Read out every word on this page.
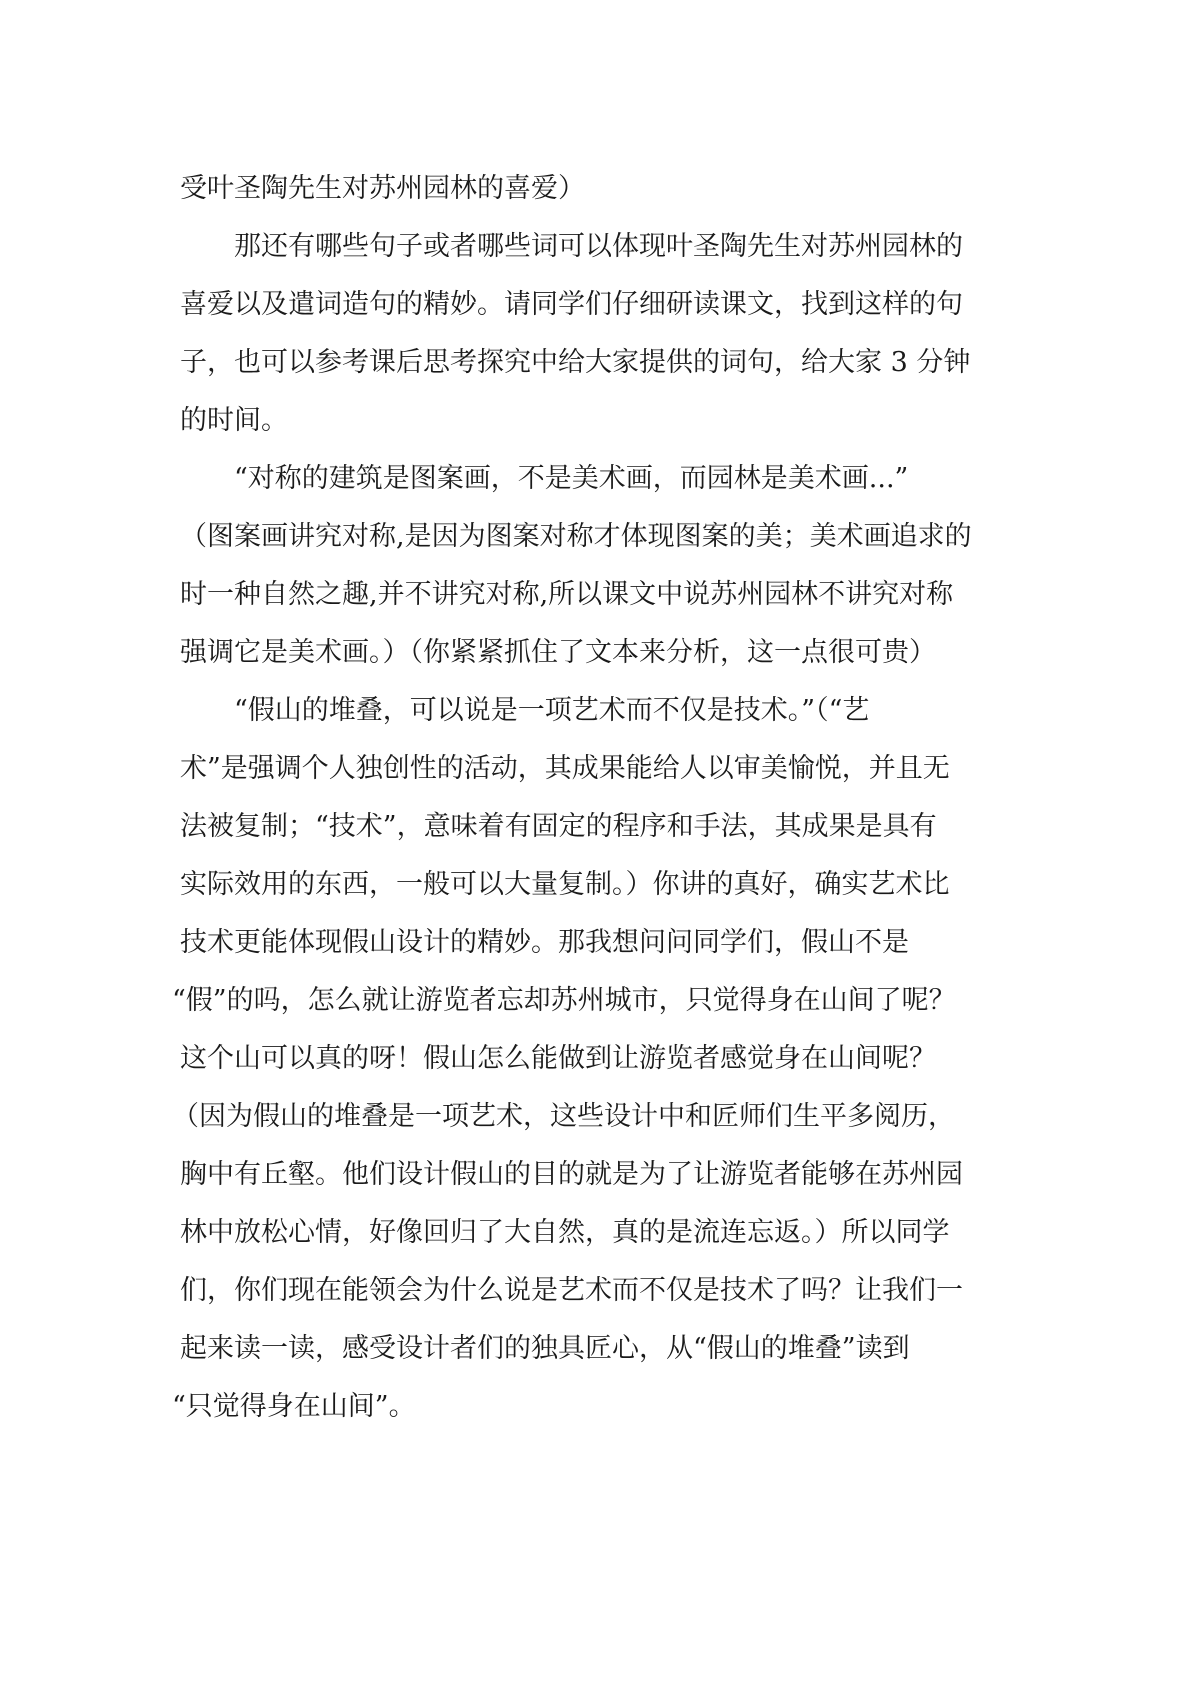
受叶圣陶先生对苏州园林的喜爱）
那还有哪些句子或者哪些词可以体现叶圣陶先生对苏州园林的
喜爱以及遣词造句的精妙。请同学们仔细研读课文，找到这样的句
子，也可以参考课后思考探究中给大家提供的词句，给大家 3 分钟
的时间。
“对称的建筑是图案画，不是美术画，而园林是美术画...”
（图案画讲究对称,是因为图案对称才体现图案的美；美术画追求的
时一种自然之趣,并不讲究对称,所以课文中说苏州园林不讲究对称
强调它是美术画。）（你紧紧抓住了文本来分析，这一点很可贵）
“假山的堆叠，可以说是一项艺术而不仅是技术。”（“艺
术”是强调个人独创性的活动，其成果能给人以审美愉悦，并且无
法被复制；“技术”，意味着有固定的程序和手法，其成果是具有
实际效用的东西，一般可以大量复制。）你讲的真好，确实艺术比
技术更能体现假山设计的精妙。那我想问问同学们，假山不是
“假”的吗，怎么就让游览者忘却苏州城市，只觉得身在山间了呢？
这个山可以真的呀！假山怎么能做到让游览者感觉身在山间呢？
（因为假山的堆叠是一项艺术，这些设计中和匠师们生平多阅历，
胸中有丘壑。他们设计假山的目的就是为了让游览者能够在苏州园
林中放松心情，好像回归了大自然，真的是流连忘返。）所以同学
们，你们现在能领会为什么说是艺术而不仅是技术了吗？让我们一
起来读一读，感受设计者们的独具匠心，从“假山的堆叠”读到
“只觉得身在山间”。
